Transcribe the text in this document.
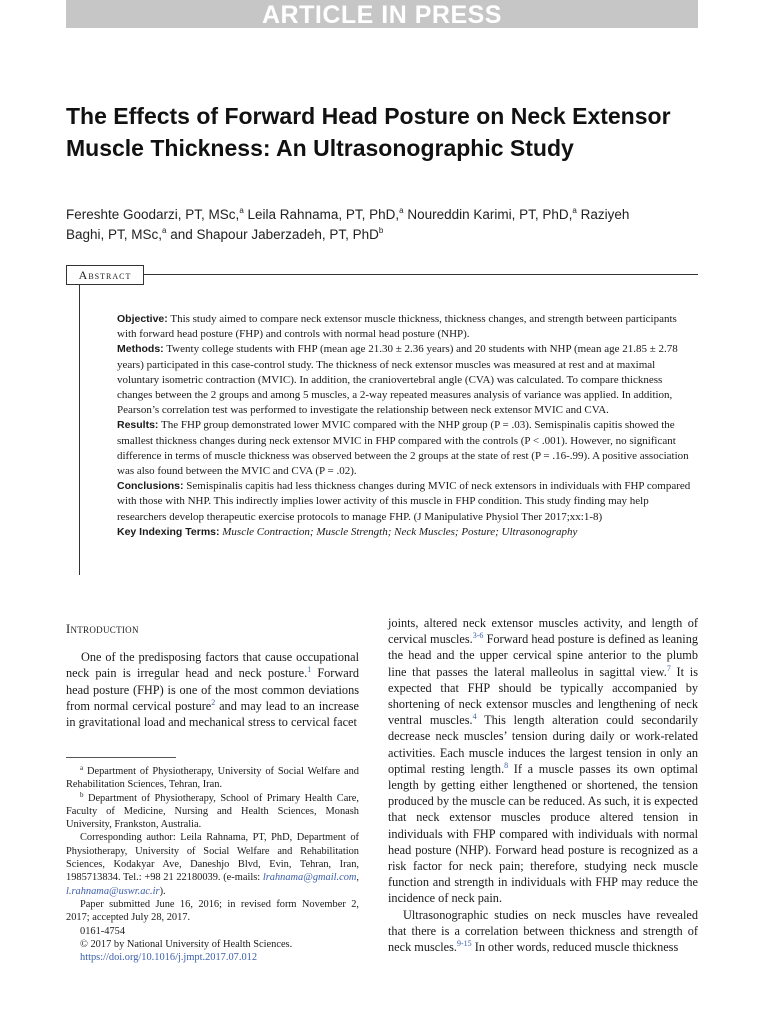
ARTICLE IN PRESS
The Effects of Forward Head Posture on Neck Extensor Muscle Thickness: An Ultrasonographic Study
Fereshte Goodarzi, PT, MSc,$^a$ Leila Rahnama, PT, PhD,$^a$ Noureddin Karimi, PT, PhD,$^a$ Raziyeh Baghi, PT, MSc,$^a$ and Shapour Jaberzadeh, PT, PhD$^b$
Abstract

Objective: This study aimed to compare neck extensor muscle thickness, thickness changes, and strength between participants with forward head posture (FHP) and controls with normal head posture (NHP).

Methods: Twenty college students with FHP (mean age 21.30 ± 2.36 years) and 20 students with NHP (mean age 21.85 ± 2.78 years) participated in this case-control study. The thickness of neck extensor muscles was measured at rest and at maximal voluntary isometric contraction (MVIC). In addition, the craniovertebral angle (CVA) was calculated. To compare thickness changes between the 2 groups and among 5 muscles, a 2-way repeated measures analysis of variance was applied. In addition, Pearson’s correlation test was performed to investigate the relationship between neck extensor MVIC and CVA.

Results: The FHP group demonstrated lower MVIC compared with the NHP group (P = .03). Semispinalis capitis showed the smallest thickness changes during neck extensor MVIC in FHP compared with the controls (P < .001). However, no significant difference in terms of muscle thickness was observed between the 2 groups at the state of rest (P = .16-.99). A positive association was also found between the MVIC and CVA (P = .02).

Conclusions: Semispinalis capitis had less thickness changes during MVIC of neck extensors in individuals with FHP compared with those with NHP. This indirectly implies lower activity of this muscle in FHP condition. This study finding may help researchers develop therapeutic exercise protocols to manage FHP. (J Manipulative Physiol Ther 2017;xx:1-8)

Key Indexing Terms: Muscle Contraction; Muscle Strength; Neck Muscles; Posture; Ultrasonography

Introduction

One of the predisposing factors that cause occupational neck pain is irregular head and neck posture.$^1$ Forward head posture (FHP) is one of the most common deviations from normal cervical posture$^2$ and may lead to an increase in gravitational load and mechanical stress to cervical facet

$^a$ Department of Physiotherapy, University of Social Welfare and Rehabilitation Sciences, Tehran, Iran.

$^b$ Department of Physiotherapy, School of Primary Health Care, Faculty of Medicine, Nursing and Health Sciences, Monash University, Frankston, Australia.

Corresponding author: Leila Rahnama, PT, PhD, Department of Physiotherapy, University of Social Welfare and Rehabilitation Sciences, Kodakyar Ave, Daneshjo Blvd, Evin, Tehran, Iran, 1985713834. Tel.: +98 21 22180039. (e-mails: lrahnama@gmail.com, l.rahnama@uswr.ac.ir).

Paper submitted June 16, 2016; in revised form November 2, 2017; accepted July 28, 2017.

0161-4754

© 2017 by National University of Health Sciences.

https://doi.org/10.1016/j.jmpt.2017.07.012

joints, altered neck extensor muscles activity, and length of cervical muscles.$^{3-6}$ Forward head posture is defined as leaning the head and the upper cervical spine anterior to the plumb line that passes the lateral malleolus in sagittal view.$^7$ It is expected that FHP should be typically accompanied by shortening of neck extensor muscles and lengthening of neck ventral muscles.$^4$ This length alteration could secondarily decrease neck muscles’ tension during daily or work-related activities. Each muscle induces the largest tension in only an optimal resting length.$^8$ If a muscle passes its own optimal length by getting either lengthened or shortened, the tension produced by the muscle can be reduced. As such, it is expected that neck extensor muscles produce altered tension in individuals with FHP compared with individuals with normal head posture (NHP). Forward head posture is recognized as a risk factor for neck pain; therefore, studying neck muscle function and strength in individuals with FHP may reduce the incidence of neck pain.

Ultrasonographic studies on neck muscles have revealed that there is a correlation between thickness and strength of neck muscles.$^{9-15}$ In other words, reduced muscle thickness
